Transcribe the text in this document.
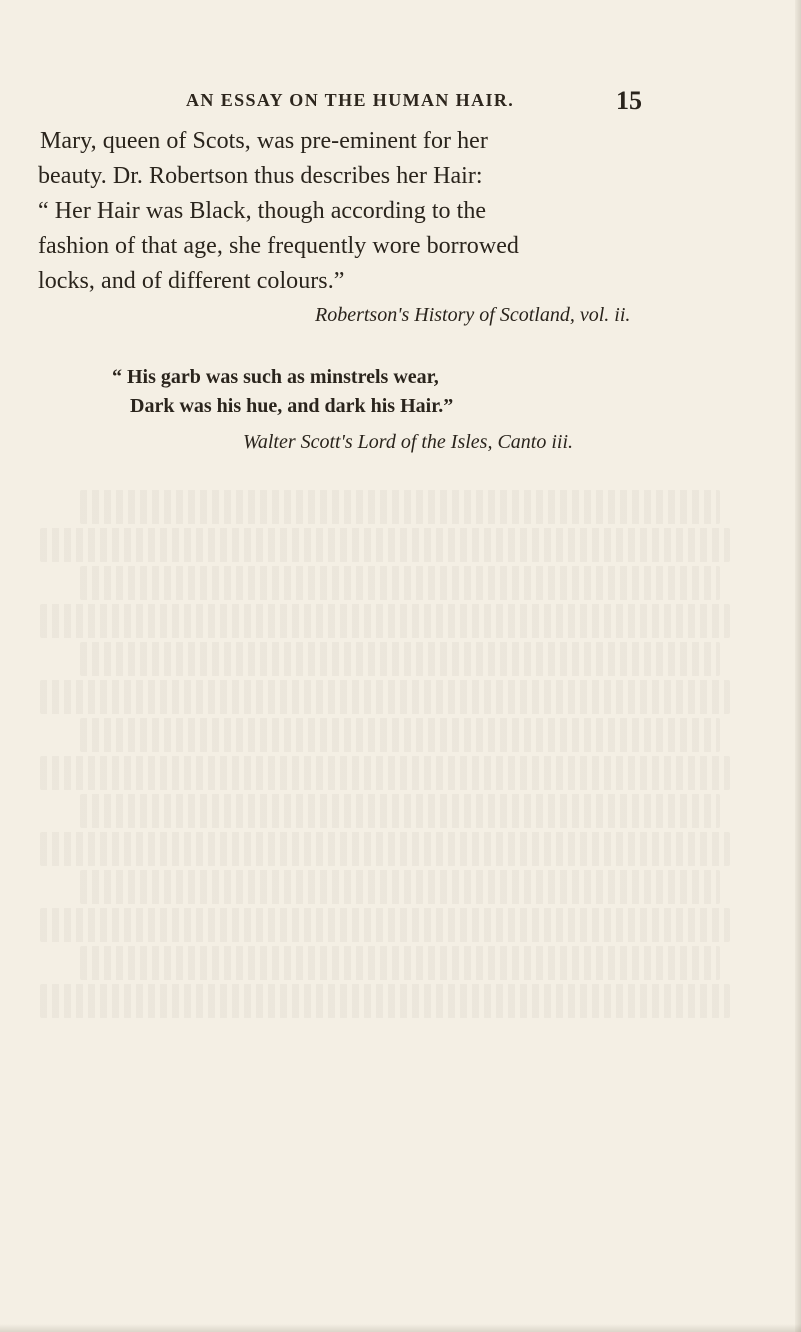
AN ESSAY ON THE HUMAN HAIR.	15
Mary, queen of Scots, was pre-eminent for her
beauty. Dr. Robertson thus describes her Hair:
“ Her Hair was Black, though according to the
fashion of that age, she frequently wore borrowed
locks, and of different colours.”
Robertson's History of Scotland, vol. ii.
“ His garb was such as minstrels wear,
Dark was his hue, and dark his Hair.”
Walter Scott's Lord of the Isles, Canto iii.
